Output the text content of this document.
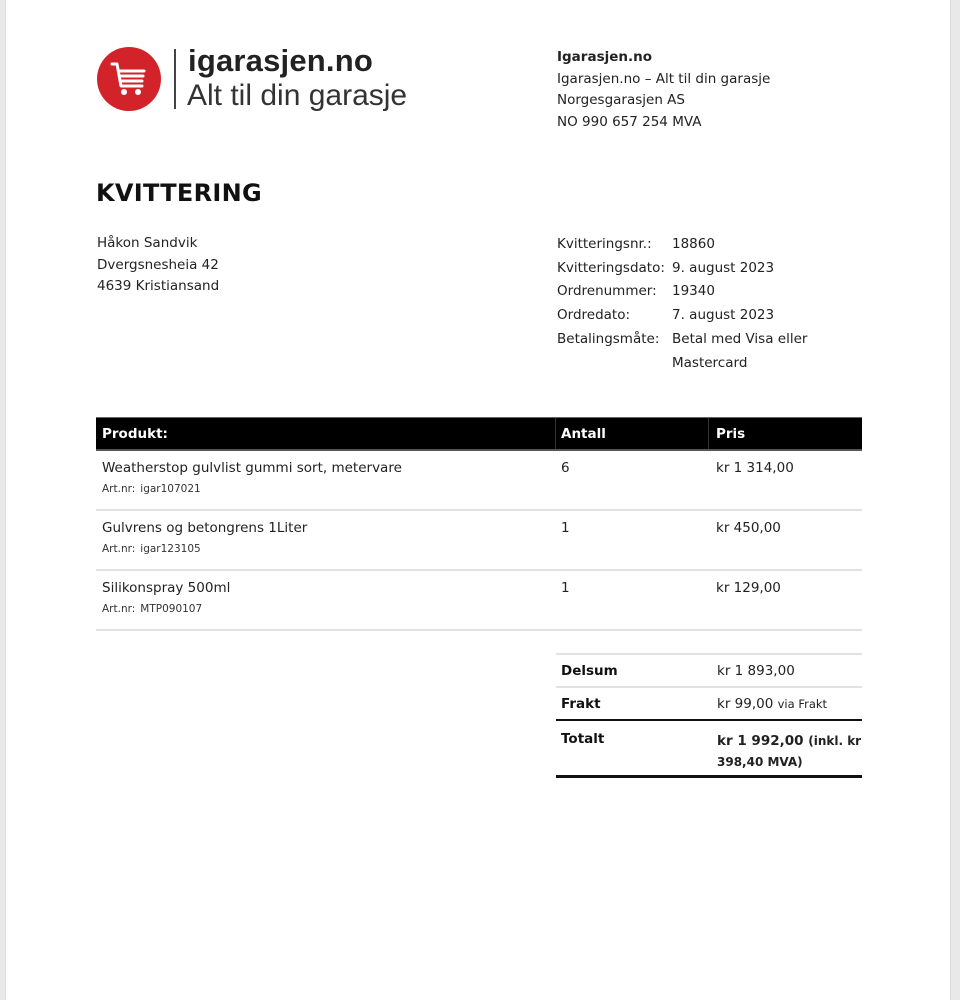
igarasjen.no
Alt til din garasje
Igarasjen.no
Igarasjen.no – Alt til din garasje
Norgesgarasjen AS
NO 990 657 254 MVA
KVITTERING
Håkon Sandvik
Dvergsnesheia 42
4639 Kristiansand
Kvitteringsnr.:	18860
Kvitteringsdato: 9. august 2023
Ordrenummer:	19340
Ordredato:	7. august 2023
Betalingsmåte: Betal med Visa eller Mastercard
Produkt:	Antall	Pris
Weatherstop gulvlist gummi sort, metervare
Art.nr: igar107021
6	kr 1 314,00
Gulvrens og betongrens 1Liter
Art.nr: igar123105
1	kr 450,00
Silikonspray 500ml
Art.nr: MTP090107
1	kr 129,00
Delsum	kr 1 893,00
Frakt	kr 99,00 via Frakt
Totalt	kr 1 992,00 (inkl. kr 398,40 MVA)
